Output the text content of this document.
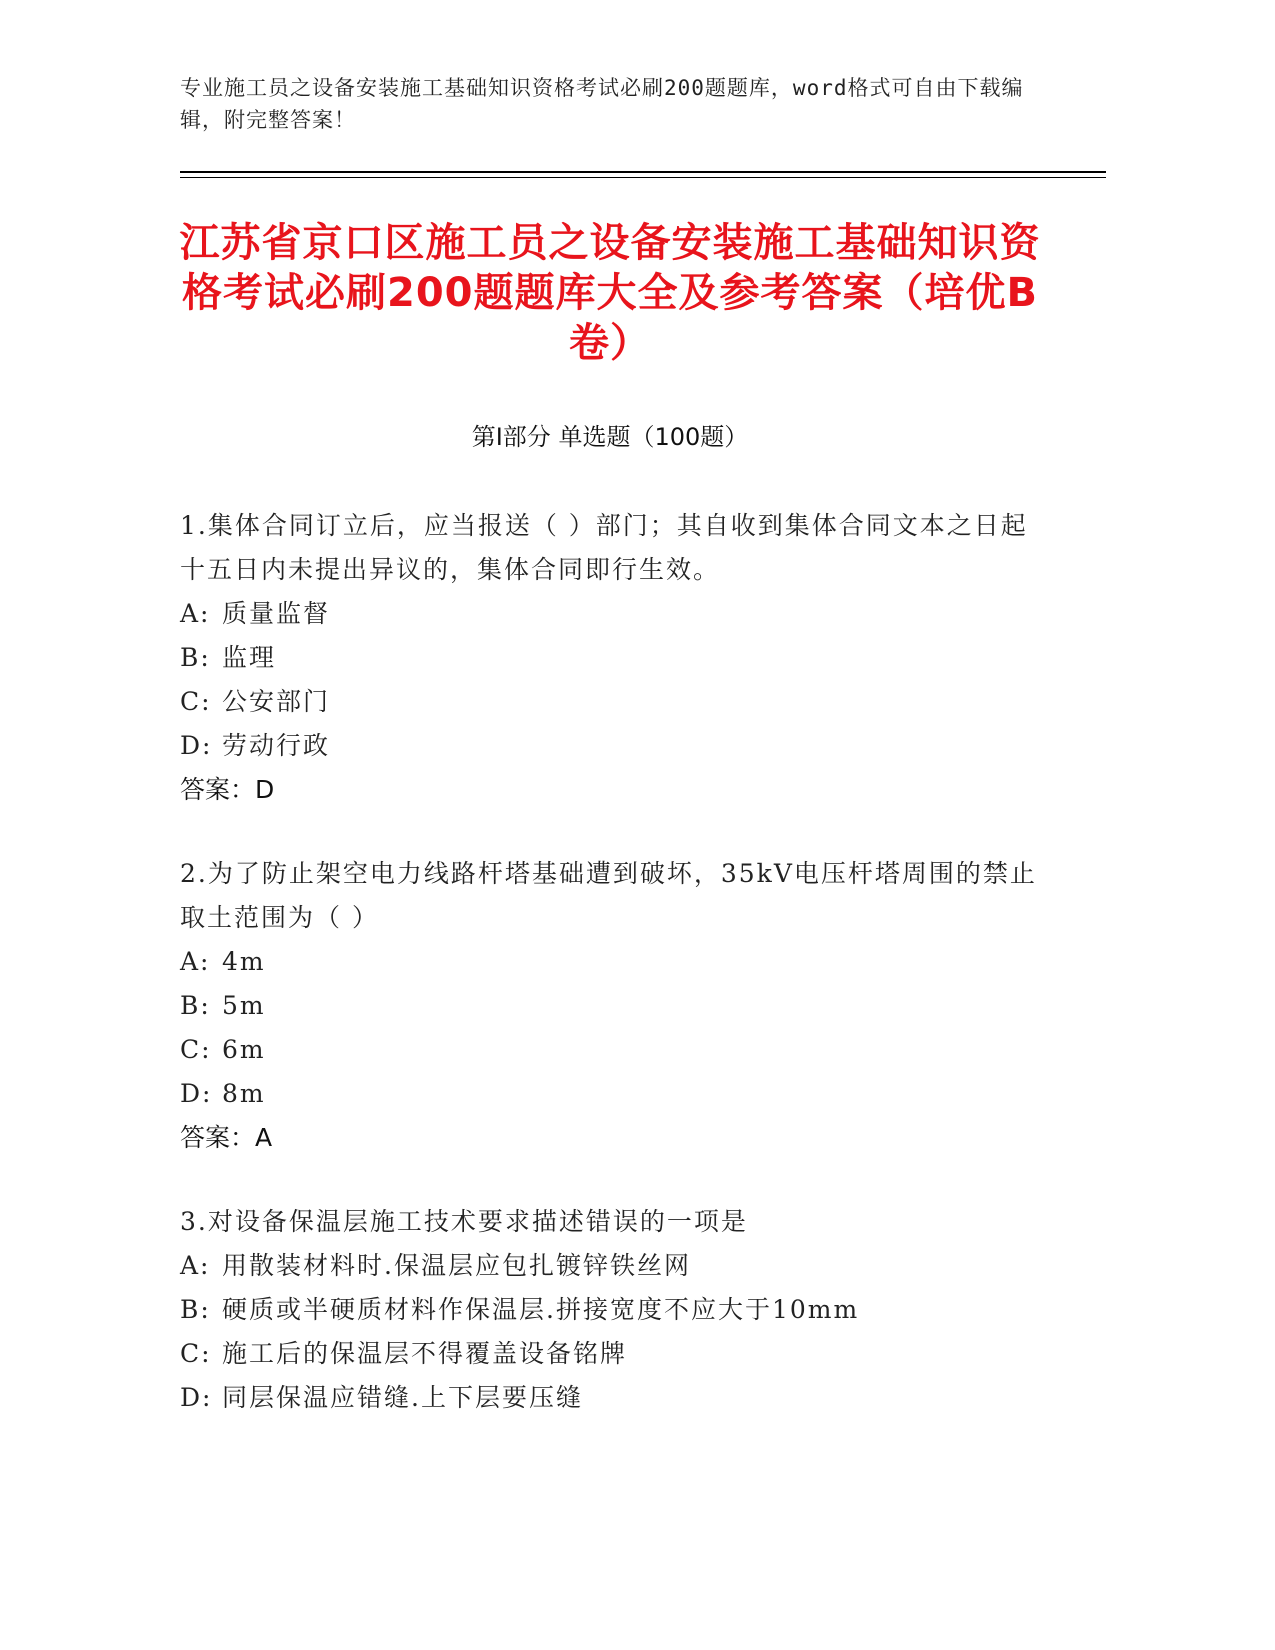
专业施工员之设备安装施工基础知识资格考试必刷200题题库，word格式可自由下载编辑，附完整答案！
江苏省京口区施工员之设备安装施工基础知识资格考试必刷200题题库大全及参考答案（培优B卷）
第I部分 单选题（100题）

1.集体合同订立后，应当报送（ ）部门；其自收到集体合同文本之日起十五日内未提出异议的，集体合同即行生效。

A: 质量监督
B: 监理
C: 公安部门
D: 劳动行政
答案：D

2.为了防止架空电力线路杆塔基础遭到破坏，35kV电压杆塔周围的禁止取土范围为（ ）

A: 4m
B: 5m
C: 6m
D: 8m
答案：A

3.对设备保温层施工技术要求描述错误的一项是

A: 用散装材料时.保温层应包扎镀锌铁丝网
B: 硬质或半硬质材料作保温层.拼接宽度不应大于10mm
C: 施工后的保温层不得覆盖设备铭牌
D: 同层保温应错缝.上下层要压缝
